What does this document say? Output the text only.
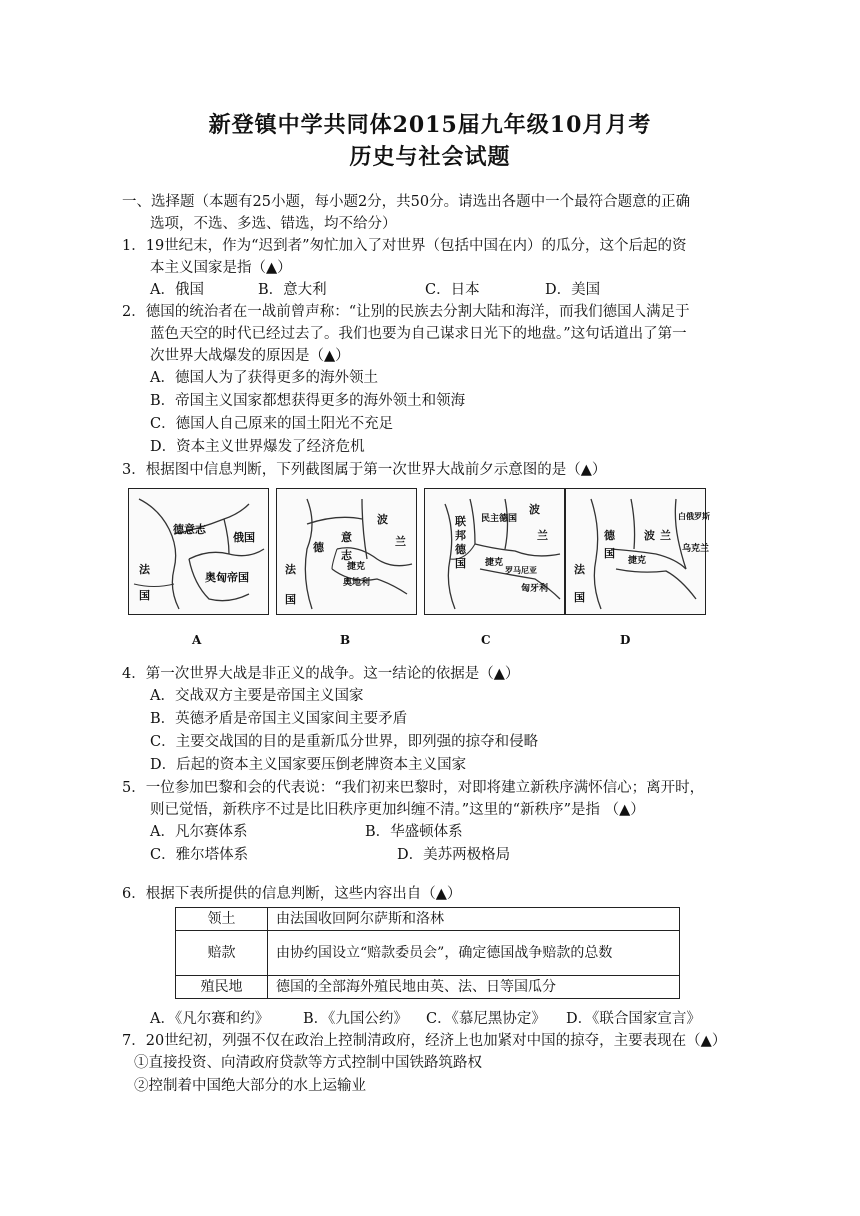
新登镇中学共同体2015届九年级10月月考
历史与社会试题
一、选择题（本题有25小题，每小题2分，共50分。请选出各题中一个最符合题意的正确
选项，不选、多选、错选，均不给分）
1．19世纪末，作为“迟到者”匆忙加入了对世界（包括中国在内）的瓜分，这个后起的资
本主义国家是指（▲）
A．俄国	B．意大利	C．日本	D．美国
2．德国的统治者在一战前曾声称：“让别的民族去分割大陆和海洋，而我们德国人满足于
蓝色天空的时代已经过去了。我们也要为自己谋求日光下的地盘。”这句话道出了第一
次世界大战爆发的原因是（▲）
A．德国人为了获得更多的海外领土
B．帝国主义国家都想获得更多的海外领土和领海
C．德国人自己原来的国土阳光不充足
D．资本主义世界爆发了经济危机
3．根据图中信息判断，下列截图属于第一次世界大战前夕示意图的是（▲）
德意志
俄国
法
国
奥匈帝国
A
德
意
志
波
兰
法
国
捷克
奥地利
B
联
邦
德
国
民主德国
波
兰
捷克
匈牙利
罗马尼亚
C
德
国
波 兰
法
国
捷克
白俄罗斯
乌克兰
D
4．第一次世界大战是非正义的战争。这一结论的依据是（▲）
A．交战双方主要是帝国主义国家
B．英德矛盾是帝国主义国家间主要矛盾
C．主要交战国的目的是重新瓜分世界，即列强的掠夺和侵略
D．后起的资本主义国家要压倒老牌资本主义国家
5．一位参加巴黎和会的代表说：“我们初来巴黎时，对即将建立新秩序满怀信心；离开时，
则已觉悟，新秩序不过是比旧秩序更加纠缠不清。”这里的“新秩序”是指 （▲）
A．凡尔赛体系	B．华盛顿体系
C．雅尔塔体系	D．美苏两极格局
6．根据下表所提供的信息判断，这些内容出自（▲）
领土	由法国收回阿尔萨斯和洛林
赔款	由协约国设立“赔款委员会”，确定德国战争赔款的总数
殖民地	德国的全部海外殖民地由英、法、日等国瓜分
A．《凡尔赛和约》 B．《九国公约》 C．《慕尼黑协定》 D．《联合国家宣言》
7．20世纪初，列强不仅在政治上控制清政府，经济上也加紧对中国的掠夺，主要表现在（▲）
①直接投资、向清政府贷款等方式控制中国铁路筑路权
②控制着中国绝大部分的水上运输业
